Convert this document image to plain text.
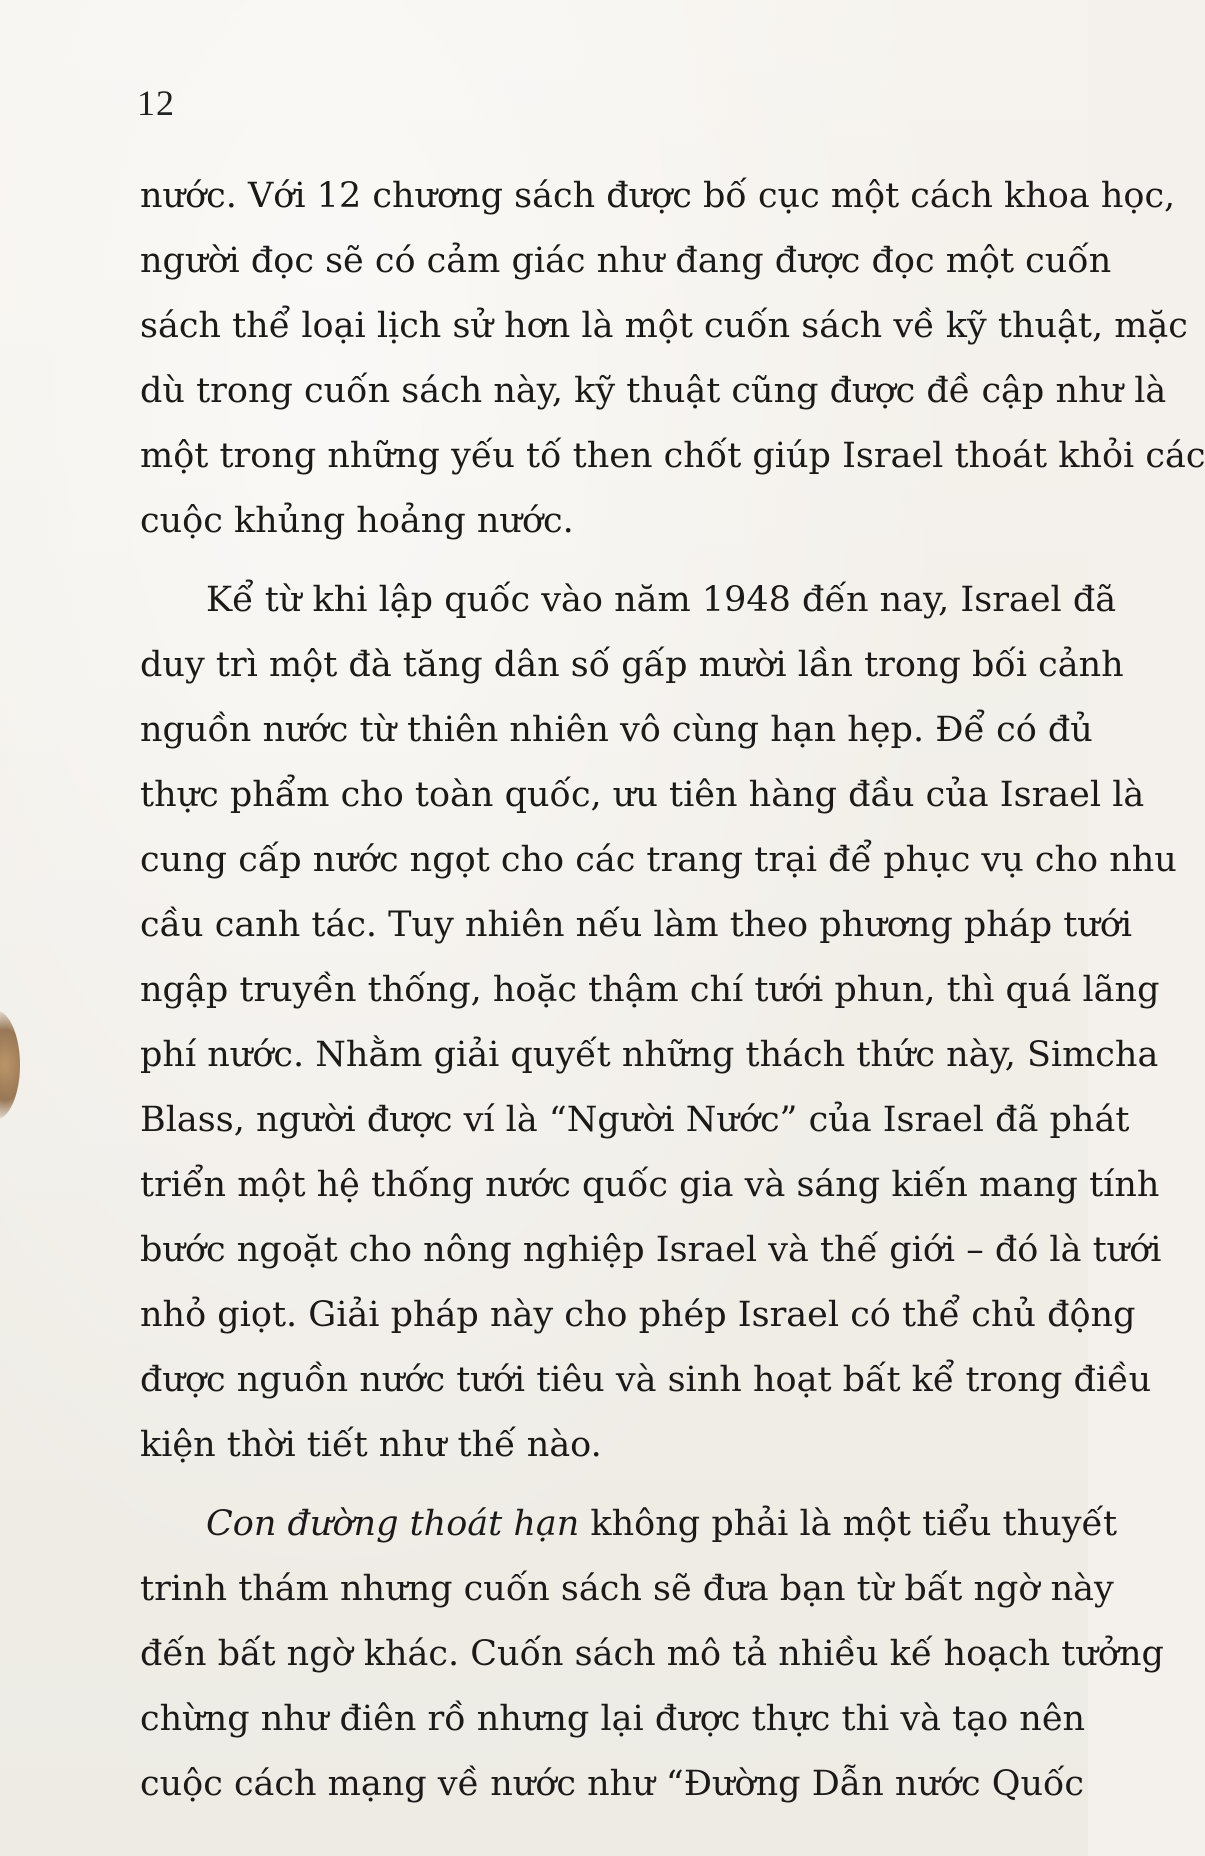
12

nước. Với 12 chương sách được bố cục một cách khoa học,
người đọc sẽ có cảm giác như đang được đọc một cuốn
sách thể loại lịch sử hơn là một cuốn sách về kỹ thuật, mặc
dù trong cuốn sách này, kỹ thuật cũng được đề cập như là
một trong những yếu tố then chốt giúp Israel thoát khỏi các
cuộc khủng hoảng nước.

Kể từ khi lập quốc vào năm 1948 đến nay, Israel đã
duy trì một đà tăng dân số gấp mười lần trong bối cảnh
nguồn nước từ thiên nhiên vô cùng hạn hẹp. Để có đủ
thực phẩm cho toàn quốc, ưu tiên hàng đầu của Israel là
cung cấp nước ngọt cho các trang trại để phục vụ cho nhu
cầu canh tác. Tuy nhiên nếu làm theo phương pháp tưới
ngập truyền thống, hoặc thậm chí tưới phun, thì quá lãng
phí nước. Nhằm giải quyết những thách thức này, Simcha
Blass, người được ví là “Người Nước” của Israel đã phát
triển một hệ thống nước quốc gia và sáng kiến mang tính
bước ngoặt cho nông nghiệp Israel và thế giới – đó là tưới
nhỏ giọt. Giải pháp này cho phép Israel có thể chủ động
được nguồn nước tưới tiêu và sinh hoạt bất kể trong điều
kiện thời tiết như thế nào.

Con đường thoát hạn không phải là một tiểu thuyết
trinh thám nhưng cuốn sách sẽ đưa bạn từ bất ngờ này
đến bất ngờ khác. Cuốn sách mô tả nhiều kế hoạch tưởng
chừng như điên rồ nhưng lại được thực thi và tạo nên
cuộc cách mạng về nước như “Đường Dẫn nước Quốc
